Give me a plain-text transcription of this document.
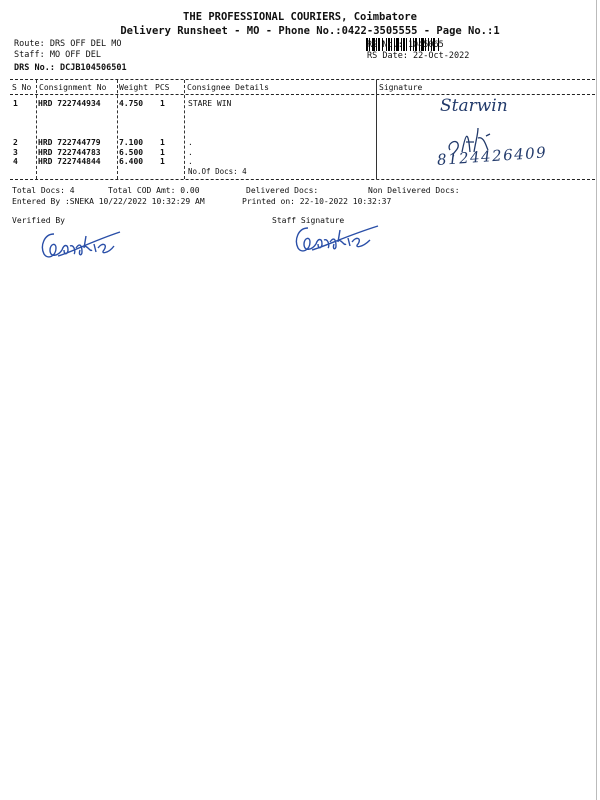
THE PROFESSIONAL COURIERS, Coimbatore
Delivery Runsheet - MO - Phone No.:0422-3505555 - Page No.:1
Route: DRS OFF DEL MO
Staff: MO OFF DEL
DRS No.: DCJB104506501
RS No.: 1045065
RS Date: 22-Oct-2022
S No Consignment No Weight PCS Consignee Details	Signature
1	HRD 722744934 4.750 1	STARE WIN
2	HRD 722744779 7.100 1	.
3	HRD 722744783 6.500 1	.
4	HRD 722744844 6.400 1	.
No.Of Docs: 4
Starwin
8124426409
Total Docs: 4	Total COD Amt: 0.00	Delivered Docs:	Non Delivered Docs:
Entered By :SNEKA 10/22/2022 10:32:29 AM	Printed on: 22-10-2022 10:32:37
Verified By	Staff Signature
